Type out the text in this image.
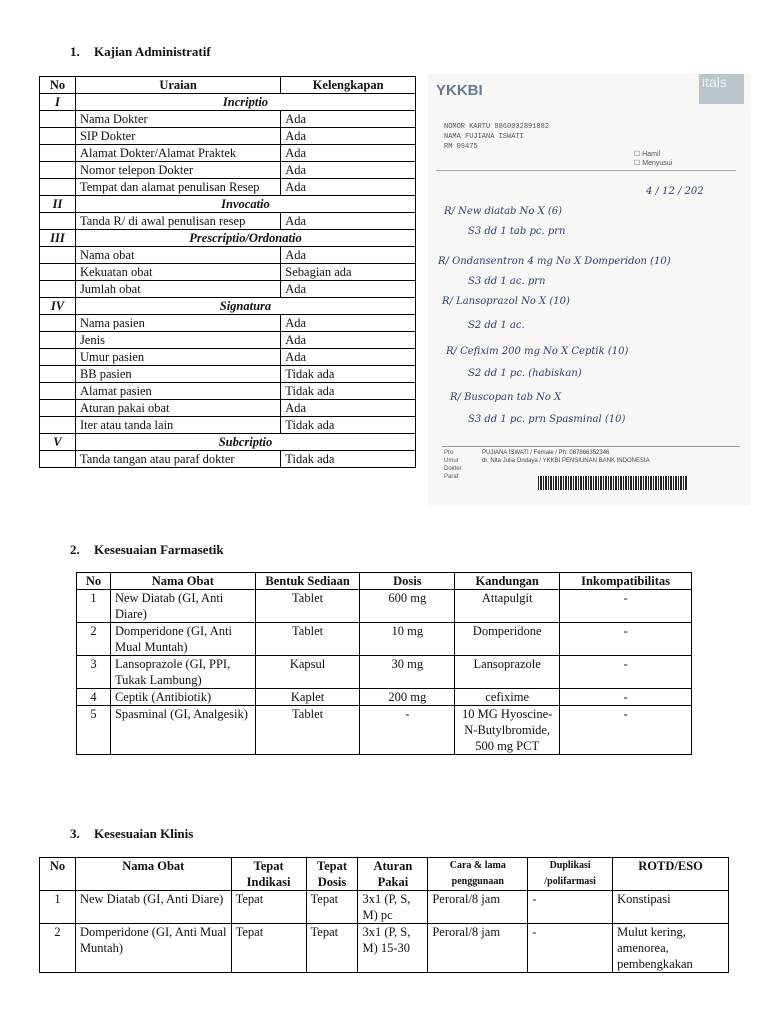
1. Kajian Administratif
No	Uraian	Kelengkapan
I	Incriptio	
	Nama Dokter	Ada
	SIP Dokter	Ada
	Alamat Dokter/Alamat Praktek	Ada
	Nomor telepon Dokter	Ada
	Tempat dan alamat penulisan Resep	Ada
II	Invocatio	
	Tanda R/ di awal penulisan resep	Ada
III	Prescriptio/Ordonatio	
	Nama obat	Ada
	Kekuatan obat	Sebagian ada
	Jumlah obat	Ada
IV	Signatura	
	Nama pasien	Ada
	Jenis	Ada
	Umur pasien	Ada
	BB pasien	Tidak ada
	Alamat pasien	Tidak ada
	Aturan pakai obat	Ada
	Iter atau tanda lain	Tidak ada
V	Subcriptio	
	Tanda tangan atau paraf dokter	Tidak ada
YKKBI	itals
NOMOR KARTU 8860032891882
NAMA FUJIANA ISWATI
RM 09475
☐ Hamil
☐ Menyusui
4 / 12 / 202
R/ New diatab No X (6)
S3 dd 1 tab pc. prn
R/ Ondansentron 4 mg No X Domperidon (10)
S3 dd 1 ac. prn
R/ Lansoprazol No X (10)
S2 dd 1 ac.
R/ Cefixim 200 mg No X Ceptik (10)
S2 dd 1 pc. (habiskan)
R/ Buscopan tab No X
S3 dd 1 pc. prn Spasminal (10)
Pro
Umur
Dokter
Paraf
PUJIANA ISWATI / Female / Ph: 087866352346
dr. Nita Julia Ondaya / YKKBI PENSIUNAN BANK INDONESIA
2. Kesesuaian Farmasetik
No	Nama Obat	Bentuk Sediaan	Dosis	Kandungan	Inkompatibilitas
1	New Diatab (GI, Anti Diare)	Tablet	600 mg	Attapulgit	-
2	Domperidone (GI, Anti Mual Muntah)	Tablet	10 mg	Domperidone	-
3	Lansoprazole (GI, PPI, Tukak Lambung)	Kapsul	30 mg	Lansoprazole	-
4	Ceptik (Antibiotik)	Kaplet	200 mg	cefixime	-
5	Spasminal (GI, Analgesik)	Tablet	-	10 MG Hyoscine-N-Butylbromide, 500 mg PCT	-
3. Kesesuaian Klinis
No	Nama Obat	Tepat Indikasi	Tepat Dosis	Aturan Pakai	Cara & lama penggunaan	Duplikasi /polifarmasi	ROTD/ESO
1	New Diatab (GI, Anti Diare)	Tepat	Tepat	3x1 (P, S, M) pc	Peroral/8 jam	-	Konstipasi
2	Domperidone (GI, Anti Mual Muntah)	Tepat	Tepat	3x1 (P, S, M) 15-30	Peroral/8 jam	-	Mulut kering, amenorea, pembengkakan
